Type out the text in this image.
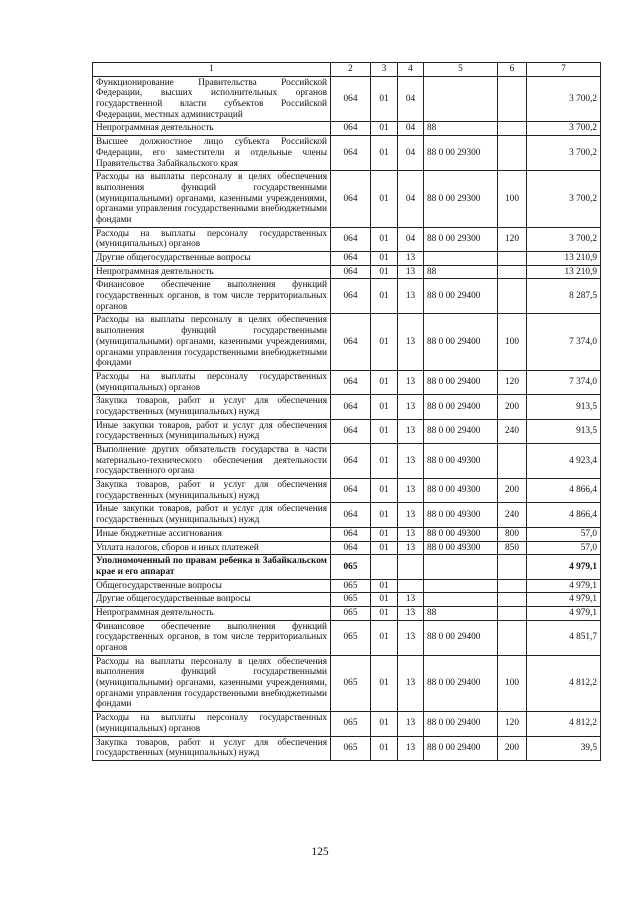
1	2	3	4	5	6	7
Функционирование Правительства Российской Федерации, высших исполнительных органов государственной власти субъектов Российской Федерации, местных администраций	064	01	04			3 700,2
Непрограммная деятельность	064	01	04	88		3 700,2
Высшее должностное лицо субъекта Российской Федерации, его заместители и отдельные члены Правительства Забайкальского края	064	01	04	88 0 00 29300		3 700,2
Расходы на выплаты персоналу в целях обеспечения выполнения функций государственными (муниципальными) органами, казенными учреждениями, органами управления государственными внебюджетными фондами	064	01	04	88 0 00 29300	100	3 700,2
Расходы на выплаты персоналу государственных (муниципальных) органов	064	01	04	88 0 00 29300	120	3 700,2
Другие общегосударственные вопросы	064	01	13			13 210,9
Непрограммная деятельность	064	01	13	88		13 210,9
Финансовое обеспечение выполнения функций государственных органов, в том числе территориальных органов	064	01	13	88 0 00 29400		8 287,5
Расходы на выплаты персоналу в целях обеспечения выполнения функций государственными (муниципальными) органами, казенными учреждениями, органами управления государственными внебюджетными фондами	064	01	13	88 0 00 29400	100	7 374,0
Расходы на выплаты персоналу государственных (муниципальных) органов	064	01	13	88 0 00 29400	120	7 374,0
Закупка товаров, работ и услуг для обеспечения государственных (муниципальных) нужд	064	01	13	88 0 00 29400	200	913,5
Иные закупки товаров, работ и услуг для обеспечения государственных (муниципальных) нужд	064	01	13	88 0 00 29400	240	913,5
Выполнение других обязательств государства в части материально-технического обеспечения деятельности государственного органа	064	01	13	88 0 00 49300		4 923,4
Закупка товаров, работ и услуг для обеспечения государственных (муниципальных) нужд	064	01	13	88 0 00 49300	200	4 866,4
Иные закупки товаров, работ и услуг для обеспечения государственных (муниципальных) нужд	064	01	13	88 0 00 49300	240	4 866,4
Иные бюджетные ассигнования	064	01	13	88 0 00 49300	800	57,0
Уплата налогов, сборов и иных платежей	064	01	13	88 0 00 49300	850	57,0
Уполномоченный по правам ребенка в Забайкальском крае и его аппарат	065					4 979,1
Общегосударственные вопросы	065	01				4 979,1
Другие общегосударственные вопросы	065	01	13			4 979,1
Непрограммная деятельность	065	01	13	88		4 979,1
Финансовое обеспечение выполнения функций государственных органов, в том числе территориальных органов	065	01	13	88 0 00 29400		4 851,7
Расходы на выплаты персоналу в целях обеспечения выполнения функций государственными (муниципальными) органами, казенными учреждениями, органами управления государственными внебюджетными фондами	065	01	13	88 0 00 29400	100	4 812,2
Расходы на выплаты персоналу государственных (муниципальных) органов	065	01	13	88 0 00 29400	120	4 812,2
Закупка товаров, работ и услуг для обеспечения государственных (муниципальных) нужд	065	01	13	88 0 00 29400	200	39,5
125
